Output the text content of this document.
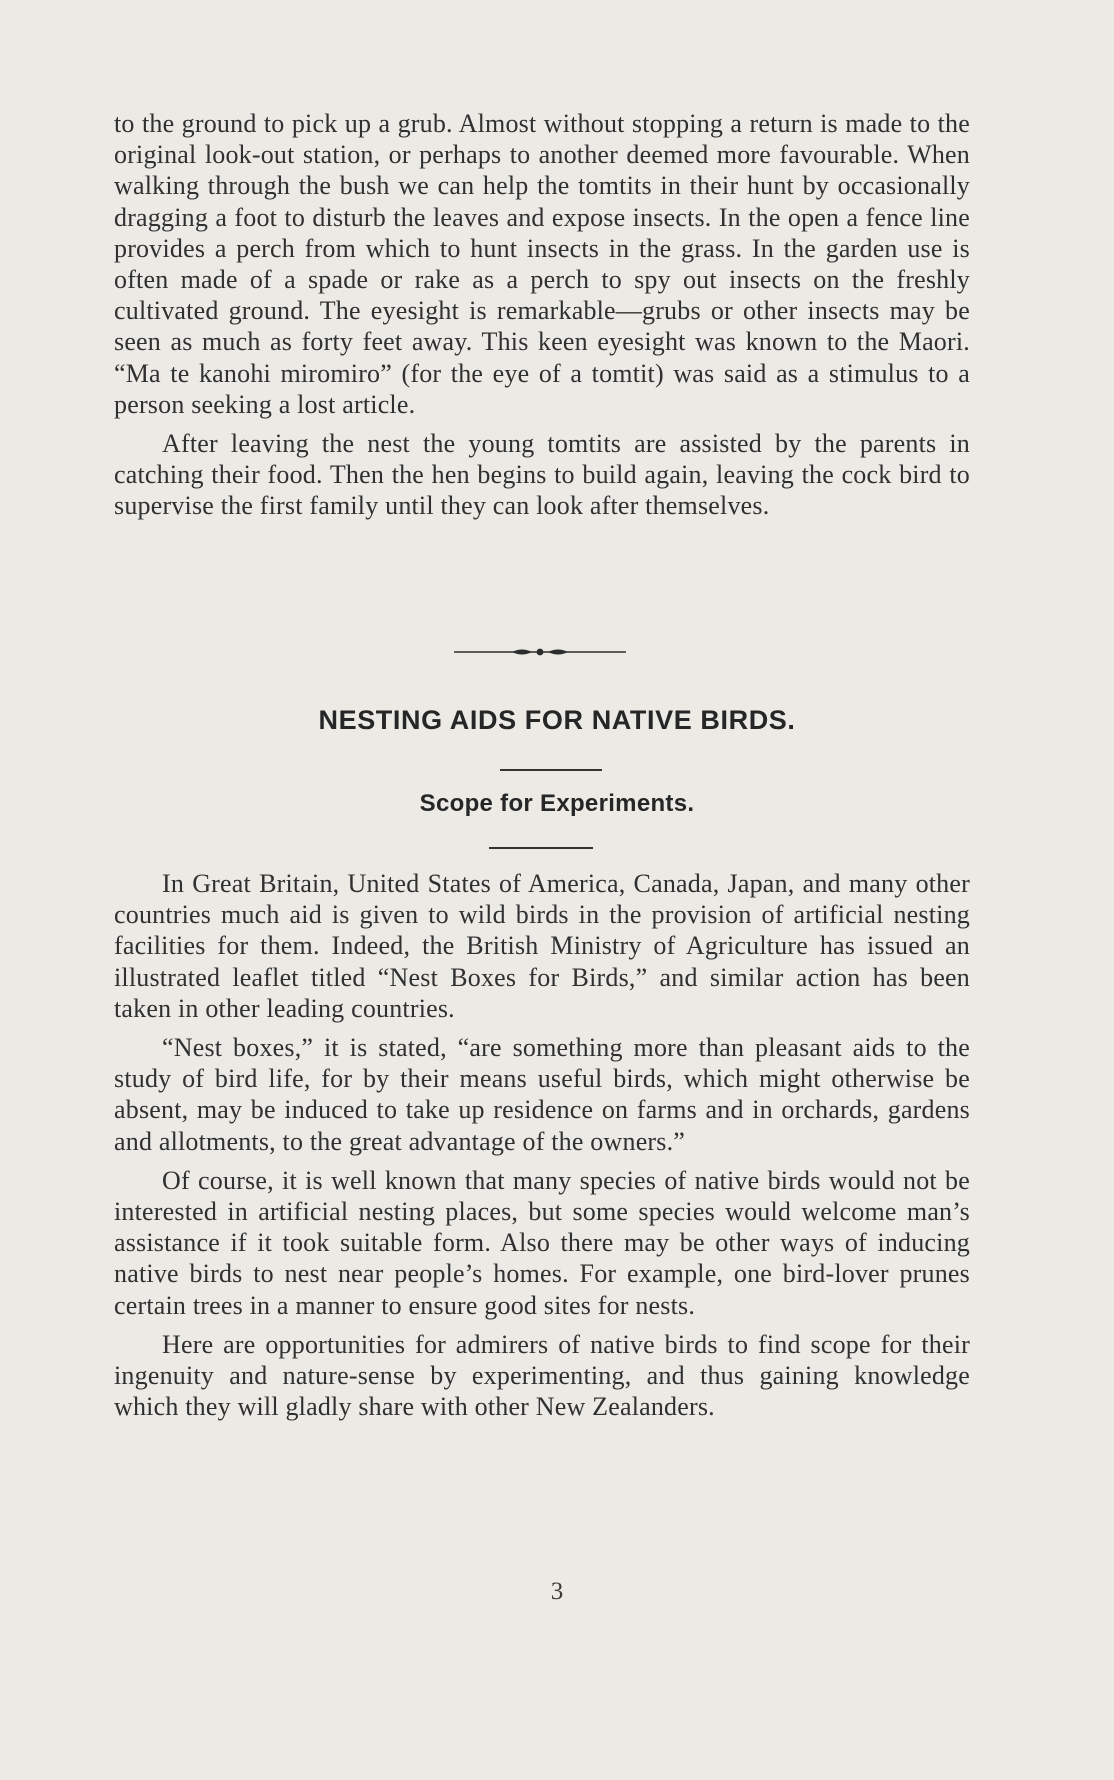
to the ground to pick up a grub. Almost without stopping a return is made to the original look-out station, or perhaps to another deemed more favourable. When walking through the bush we can help the tomtits in their hunt by occasionally dragging a foot to disturb the leaves and expose insects. In the open a fence line provides a perch from which to hunt insects in the grass. In the garden use is often made of a spade or rake as a perch to spy out insects on the freshly cultivated ground. The eyesight is remarkable—grubs or other insects may be seen as much as forty feet away. This keen eyesight was known to the Maori. “Ma te kanohi miromiro” (for the eye of a tomtit) was said as a stimulus to a person seeking a lost article.

After leaving the nest the young tomtits are assisted by the parents in catching their food. Then the hen begins to build again, leaving the cock bird to supervise the first family until they can look after themselves.

NESTING AIDS FOR NATIVE BIRDS.
Scope for Experiments.

In Great Britain, United States of America, Canada, Japan, and many other countries much aid is given to wild birds in the provision of artificial nesting facilities for them. Indeed, the British Ministry of Agriculture has issued an illustrated leaflet titled “Nest Boxes for Birds,” and similar action has been taken in other leading countries.

“Nest boxes,” it is stated, “are something more than pleasant aids to the study of bird life, for by their means useful birds, which might otherwise be absent, may be induced to take up residence on farms and in orchards, gardens and allotments, to the great advantage of the owners.”

Of course, it is well known that many species of native birds would not be interested in artificial nesting places, but some species would welcome man’s assistance if it took suitable form. Also there may be other ways of inducing native birds to nest near people’s homes. For example, one bird-lover prunes certain trees in a manner to ensure good sites for nests.

Here are opportunities for admirers of native birds to find scope for their ingenuity and nature-sense by experimenting, and thus gaining knowledge which they will gladly share with other New Zealanders.

3
